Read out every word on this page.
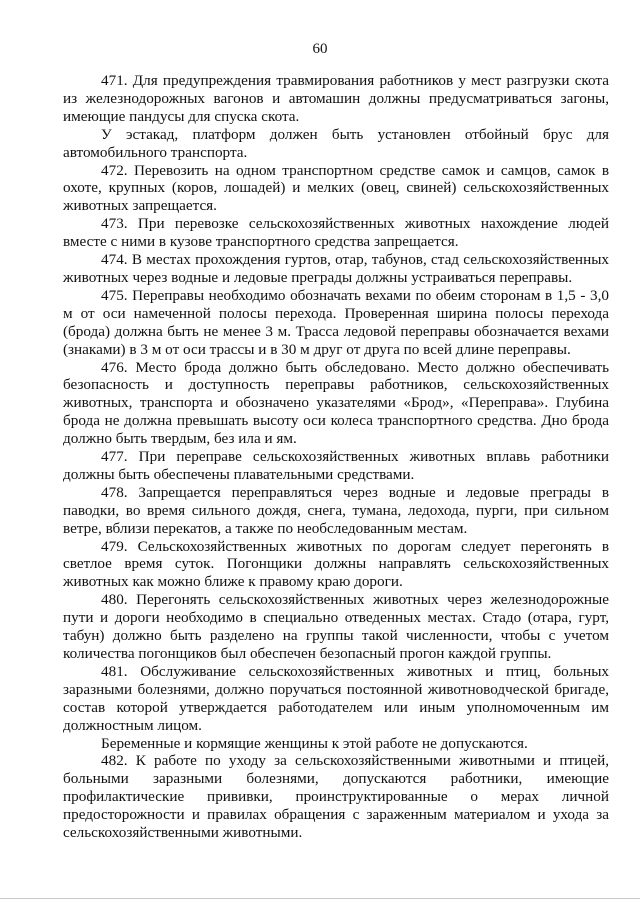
60

471. Для предупреждения травмирования работников у мест разгрузки скота из железнодорожных вагонов и автомашин должны предусматриваться загоны, имеющие пандусы для спуска скота.

У эстакад, платформ должен быть установлен отбойный брус для автомобильного транспорта.

472. Перевозить на одном транспортном средстве самок и самцов, самок в охоте, крупных (коров, лошадей) и мелких (овец, свиней) сельскохозяйственных животных запрещается.

473. При перевозке сельскохозяйственных животных нахождение людей вместе с ними в кузове транспортного средства запрещается.

474. В местах прохождения гуртов, отар, табунов, стад сельскохозяйственных животных через водные и ледовые преграды должны устраиваться переправы.

475. Переправы необходимо обозначать вехами по обеим сторонам в 1,5 - 3,0 м от оси намеченной полосы перехода. Проверенная ширина полосы перехода (брода) должна быть не менее 3 м. Трасса ледовой переправы обозначается вехами (знаками) в 3 м от оси трассы и в 30 м друг от друга по всей длине переправы.

476. Место брода должно быть обследовано. Место должно обеспечивать безопасность и доступность переправы работников, сельскохозяйственных животных, транспорта и обозначено указателями «Брод», «Переправа». Глубина брода не должна превышать высоту оси колеса транспортного средства. Дно брода должно быть твердым, без ила и ям.

477. При переправе сельскохозяйственных животных вплавь работники должны быть обеспечены плавательными средствами.

478. Запрещается переправляться через водные и ледовые преграды в паводки, во время сильного дождя, снега, тумана, ледохода, пурги, при сильном ветре, вблизи перекатов, а также по необследованным местам.

479. Сельскохозяйственных животных по дорогам следует перегонять в светлое время суток. Погонщики должны направлять сельскохозяйственных животных как можно ближе к правому краю дороги.

480. Перегонять сельскохозяйственных животных через железнодорожные пути и дороги необходимо в специально отведенных местах. Стадо (отара, гурт, табун) должно быть разделено на группы такой численности, чтобы с учетом количества погонщиков был обеспечен безопасный прогон каждой группы.

481. Обслуживание сельскохозяйственных животных и птиц, больных заразными болезнями, должно поручаться постоянной животноводческой бригаде, состав которой утверждается работодателем или иным уполномоченным им должностным лицом.

Беременные и кормящие женщины к этой работе не допускаются.

482. К работе по уходу за сельскохозяйственными животными и птицей, больными заразными болезнями, допускаются работники, имеющие профилактические прививки, проинструктированные о мерах личной предосторожности и правилах обращения с зараженным материалом и ухода за сельскохозяйственными животными.
